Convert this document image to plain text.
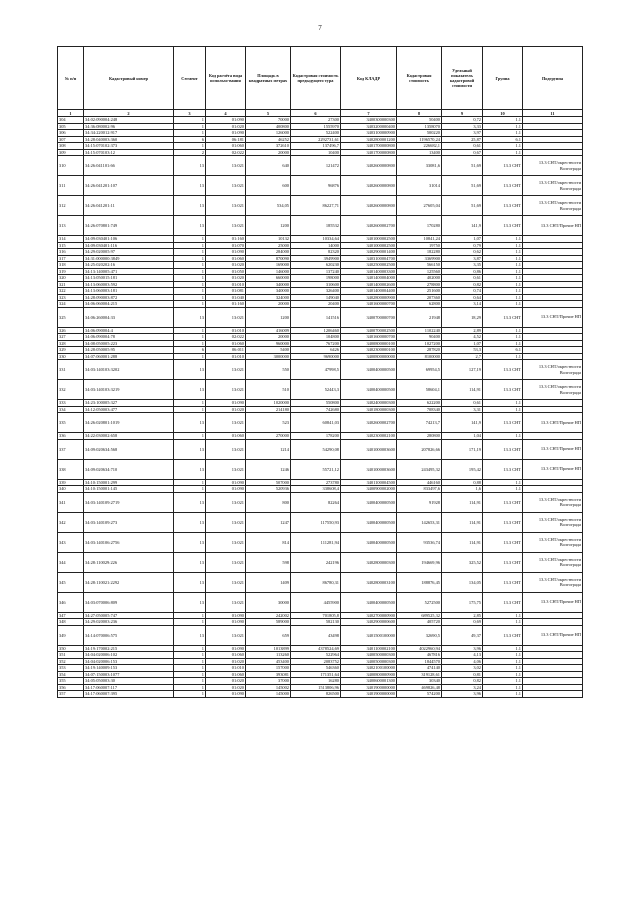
7
№ п/п	Кадастровый номер	Сегмент	Код расчёта вида использо-вания	Площадь в квадратных метрах	Кадастровая стоимость предыдущего тура	Код КЛАДР	Кадастровая стоимость	Удельный показатель кадастровой стоимости	Группа	Подгруппа
1	2	3	4	5	6	7	8	9	10	11
304	34:02:090004:248	1	01:090	70000	27300	3400300000300	50400	0,72	1.1	
305	34:36:080002:96	1	01:020	400800	1555970	3403200000400	1358070	3,33	1.1	
306	34:34:220012:917	1	01:090	126000	522400	3403100000900	500220	3,97	1.1	
307	34:28:040003:360	6	06:181	46252	2292731,61	3402800001200	1196570,24	25,87	6.1	
308	34:15:070102:373	1	01:060	372610	137496,7	3401700000800	226682,1	0,61	1.1	
309	34:15:070103:12	2	02:022	20000	10400	3401700000800	13400	0,67	1.1	
310	34:26:041101:66	13	13:021	640	121472	3402600000800	33081,6	51,69	13.3 СНТ	13.3 СНТ/окрестности Волгограда
311	34:26:041201:107	13	13:021	600	96876	3402600000800	31014	51,69	13.3 СНТ	13.3 СНТ/окрестности Волгограда
312	34:26:041201:11	13	13:021	534,05	86227,71	3402600000800	27605,04	51,69	13.3 СНТ	13.3 СНТ/окрестности Волгограда
313	34:26:070801:749	13	13:021	1200	185532	3402600002700	170280	141,9	13.3 СНТ	13.3 СНТ/Прочие НП
314	34:09:030401:106	1	01:160	10132	10334,64	3401000002500	10841,24	1,07	1.1	
315	34:09:030401:116	1	01:070	25000	14000	3401000002500	19750	0,79	1.1	
316	34:29:020005:97	1	01:090	284000	82320	3402900001400	182280	0,62	1.1	
317	34:31:000000:3849	1	01:060	870090	3949900	3403100004700	3369900	3,87	1.1	
318	34:25:020202:16	1	01:020	169000	620230	3402500002500	566150	3,35	1.1	
319	34:13:140005:471	1	01:050	146000	137240	3401400003300	125560	0,86	1.1	
320	34:13:050015:181	1	01:020	660000	198000	3401400004000	402000	0,61	1.1	
321	34:13:060003:592	1	01:010	340000	310600	3401400002600	278800	0,82	1.1	
322	34:13:060003:181	1	01:081	340000	326400	3401400004400	251600	0,74	1.1	
323	34:28:090003:872	1	01:040	324000	149040	3402800000900	207360	0,64	1.1	
324	34:06:060004:215	1	01:160	20000	20400	3401600000700	62800	3,14	1.1	
325	34:06:260004:33	13	13:021	1200	141516	3400700000700	21948	18,29	13.3 СНТ	13.3 СНТ/Прочие НП
326	34:06:090004:4	1	01:010	416009	1206460	3400700002500	1102240	2,89	1.1	
327	34:06:090004:78	1	02:022	20000	104800	3401600000700	90400	4,52	1.1	
328	34:08:050005:223	1	01:060	960000	767200	3400800000100	1027200	1,07	1.1	
329	34:28:050005:95	6	06:011	5400	6426	3402300000100	287820	53,3	6.1	
330	34:07:060001:288	1	01:010	3000000	9690000	3400800000000	8100000	2,7	1.1	
331	34:03:140103:3202	13	13:021	550	47998,5	3400400000500	69954,5	127,19	13.3 СНТ	13.3 СНТ/окрестности Волгограда
332	34:03:140103:3219	13	13:021	510	52443,3	3400400000500	58604,1	114,91	13.3 СНТ	13.3 СНТ/окрестности Волгограда
333	34:23:100005:327	1	01:090	1020000	550800	3402400000300	622200	0,61	1.1	
334	34:12:050003:477	1	01:020	214180	742680	3401800000300	708340	3,31	1.1	
335	34:26:020801:1019	13	13:021	523	60841,03	3402600002700	74213,7	141,9	13.3 СНТ	13.3 СНТ/Прочие НП
336	34:22:030002:658	1	01:060	270000	178200	3402300002100	280800	1,04	1.1	
337	34:09:020634:568	13	13:021	1214	54290,08	3401000003600	207826,66	171,19	13.3 СНТ	13.3 СНТ/Прочие НП
338	34:09:020634:710	13	13:021	1246	55721,12	3401000003600	243495,32	195,42	13.3 СНТ	13.3 СНТ/Прочие НП
339	34:10:150001:299	1	01:090	507000	273780	3401100004500	446160	0,88	1.1	
340	34:10:150001:145	1	01:090	520936	338608,4	3400900002000	833497,6	1,6	1.1	
341	34:03:140109:2719	13	13:021	800	82264	3400400000500	91928	114,91	13.3 СНТ	13.3 СНТ/окрестности Волгограда
342	34:03:140109:273	13	13:021	1247	117550,93	3400400000500	142653,31	114,91	13.3 СНТ	13.3 СНТ/окрестности Волгограда
343	34:03:140106:2756	13	13:021	814	111281,94	3400400000500	93536,74	114,91	13.3 СНТ	13.3 СНТ/окрестности Волгограда
344	34:28:110029:226	13	13:021	598	242196	3402800000300	194669,96	325,52	13.3 СНТ	13.3 СНТ/окрестности Волгограда
345	34:28:110021:2292	13	13:021	1409	86780,31	3402800003100	188876,45	134,05	13.3 СНТ	13.3 СНТ/окрестности Волгограда
346	34:03:070006:809	13	13:021	30000	4455900	3400400000500	5272500	175,75	13.3 СНТ	13.3 СНТ/Прочие НП
347	34:27:050005:747	1	01:090	242002	701805,8	3402700000900	689525,32	2,85	1.1	
348	34:29:020003:236	1	01:090	589000	582130	3402900000600	405720	0,69	1.1	
349	34:14:070006:575	13	13:021	659	43498	3401500100000	32690,5	49,37	13.3 СНТ	13.3 СНТ/Прочие НП
350	34:19:170002:215	1	01:090	1013899	4378524,69	3401100002100	4022960,94	3,96	1.1	
351	34:04:020006:102	1	01:060	113260	522964	3400500000300	467816	4,13	1.1	
352	34:04:020006:153	1	01:020	453400	2083752	3400500000300	1844570	4,06	1.1	
353	34:19:140009:153	1	01:010	157000	546360	3402100100000	474140	3,02	1.1	
354	34:07:150003:1077	1	01:060	393081	171351,64	3400800000900	319128,61	0,81	1.1	
355	34:05:050003:30	1	01:020	37000	16280	3400600001300	30340	0,82	1.1	
356	34:17:060007:117	1	01:020	145002	1513806,96	3401900000000	469826,48	3,24	1.1	
357	34:17:060007:395	1	01:090	145000	826500	3401900000000	574200	3,96	1.1	
